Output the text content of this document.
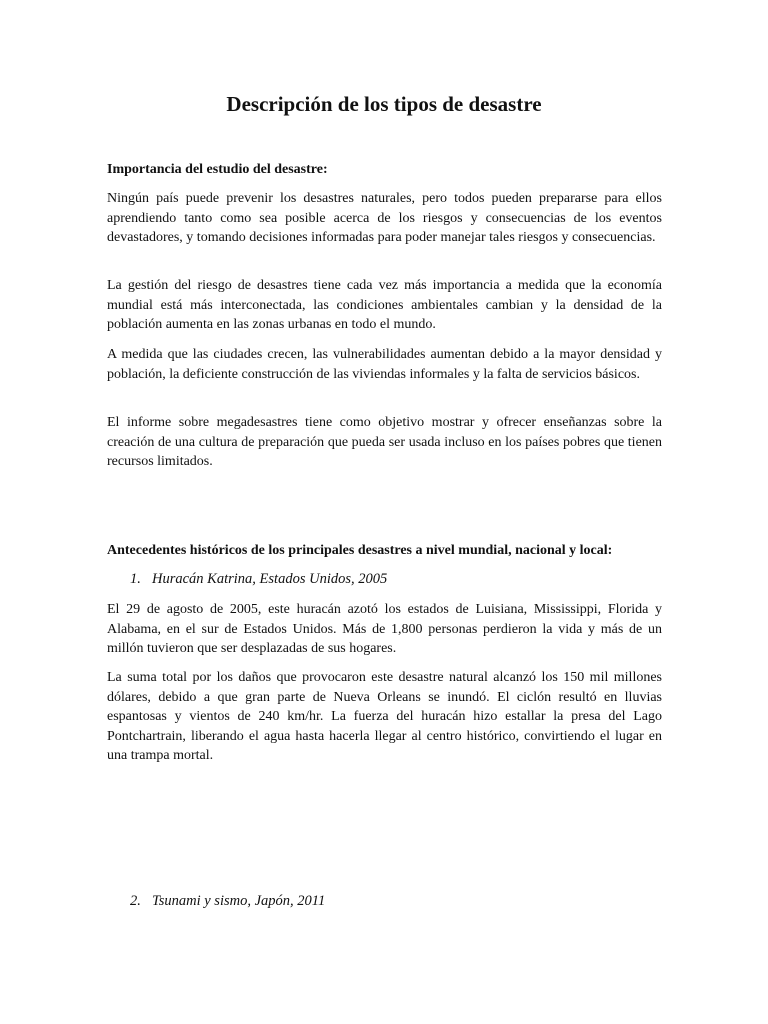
Descripción de los tipos de desastre

Importancia del estudio del desastre:

Ningún país puede prevenir los desastres naturales, pero todos pueden prepararse para ellos aprendiendo tanto como sea posible acerca de los riesgos y consecuencias de los eventos devastadores, y tomando decisiones informadas para poder manejar tales riesgos y consecuencias.

La gestión del riesgo de desastres tiene cada vez más importancia a medida que la economía mundial está más interconectada, las condiciones ambientales cambian y la densidad de la población aumenta en las zonas urbanas en todo el mundo.

A medida que las ciudades crecen, las vulnerabilidades aumentan debido a la mayor densidad y población, la deficiente construcción de las viviendas informales y la falta de servicios básicos.

El informe sobre megadesastres tiene como objetivo mostrar y ofrecer enseñanzas sobre la creación de una cultura de preparación que pueda ser usada incluso en los países pobres que tienen recursos limitados.

Antecedentes históricos de los principales desastres a nivel mundial, nacional y local:

1. Huracán Katrina, Estados Unidos, 2005

El 29 de agosto de 2005, este huracán azotó los estados de Luisiana, Mississippi, Florida y Alabama, en el sur de Estados Unidos. Más de 1,800 personas perdieron la vida y más de un millón tuvieron que ser desplazadas de sus hogares.

La suma total por los daños que provocaron este desastre natural alcanzó los 150 mil millones dólares, debido a que gran parte de Nueva Orleans se inundó. El ciclón resultó en lluvias espantosas y vientos de 240 km/hr. La fuerza del huracán hizo estallar la presa del Lago Pontchartrain, liberando el agua hasta hacerla llegar al centro histórico, convirtiendo el lugar en una trampa mortal.

2. Tsunami y sismo, Japón, 2011
